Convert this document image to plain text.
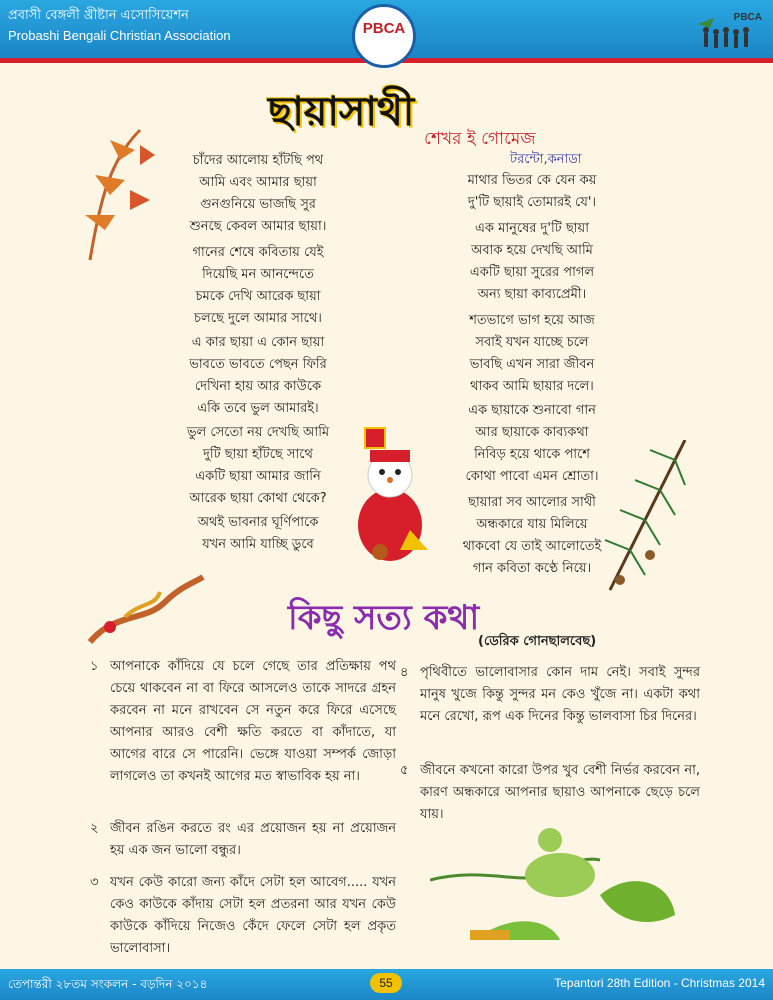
প্রবাসী বেঙ্গলী খ্রীষ্টান এসোসিয়েশন
Probashi Bengali Christian Association
PBCA
PBCA
ছায়াসাথী
শেখর ই গোমেজ
টরন্টো,কনাডা
চাঁদের আলোয় হাঁটছি পথ
আমি এবং আমার ছায়া
গুনগুনিয়ে ভাজছি সুর
শুনছে কেবল আমার ছায়া।
গানের শেষে কবিতায় যেই
দিয়েছি মন আনন্দেতে
চমকে দেখি আরেক ছায়া
চলছে দুলে আমার সাথে।
এ কার ছায়া এ কোন ছায়া
ভাবতে ভাবতে পেছন ফিরি
দেখিনা হায় আর কাউকে
একি তবে ভুল আমারই।
ভুল সেতো নয় দেখছি আমি
দুটি ছায়া হাঁটছে সাথে
একটি ছায়া আমার জানি
আরেক ছায়া কোথা থেকে?
অথই ভাবনার ঘূর্ণিপাকে
যখন আমি যাচ্ছি ডুবে
মাথার ভিতর কে যেন কয়
দু'টি ছায়াই তোমারই যে'।
এক মানুষের দু'টি ছায়া
অবাক হয়ে দেখছি আমি
একটি ছায়া সুরের পাগল
অন্য ছায়া কাব্যপ্রেমী।
শতভাগে ভাগ হয়ে আজ
সবাই যখন যাচ্ছে চলে
ভাবছি এখন সারা জীবন
থাকব আমি ছায়ার দলে।
এক ছায়াকে শুনাবো গান
আর ছায়াকে কাব্যকথা
নিবিড় হয়ে থাকে পাশে
কোথা পাবো এমন শ্রোতা।
ছায়ারা সব আলোর সাথী
অন্ধকারে যায় মিলিয়ে
থাকবো যে তাই আলোতেই
গান কবিতা কণ্ঠে নিয়ে।
কিছু সত্য কথা
(ডেরিক গোনছালবেছ)
১ আপনাকে কাঁদিয়ে যে চলে গেছে তার প্রতিক্ষায় পথ চেয়ে থাকবেন না বা ফিরে আসলেও তাকে সাদরে গ্রহন করবেন না মনে রাখবেন সে নতুন করে ফিরে এসেছে আপনার আরও বেশী ক্ষতি করতে বা কাঁদাতে, যা আগের বারে সে পারেনি। ভেঙ্গে যাওয়া সম্পর্ক জোড়া লাগলেও তা কখনই আগের মত স্বাভাবিক হয় না।
২ জীবন রঙিন করতে রং এর প্রয়োজন হয় না প্রয়োজন হয় এক জন ভালো বন্ধুর।
৩ যখন কেউ কারো জন্য কাঁদে সেটা হল আবেগ..... যখন কেও কাউকে কাঁদায় সেটা হল প্রতরনা আর যখন কেউ কাউকে কাঁদিয়ে নিজেও কেঁদে ফেলে সেটা হল প্রকৃত ভালোবাসা।
৪ পৃথিবীতে ভালোবাসার কোন দাম নেই। সবাই সুন্দর মানুষ খুজে কিন্তু সুন্দর মন কেও খুঁজে না। একটা কথা মনে রেখো, রূপ এক দিনের কিন্তু ভালবাসা চির দিনের।
৫ জীবনে কখনো কারো উপর খুব বেশী নির্ভর করবেন না, কারণ অন্ধকারে আপনার ছায়াও আপনাকে ছেড়ে চলে যায়।
তেপান্তরী ২৮তম সংকলন - বড়দিন ২০১৪	55	Tepantori 28th Edition - Christmas 2014
